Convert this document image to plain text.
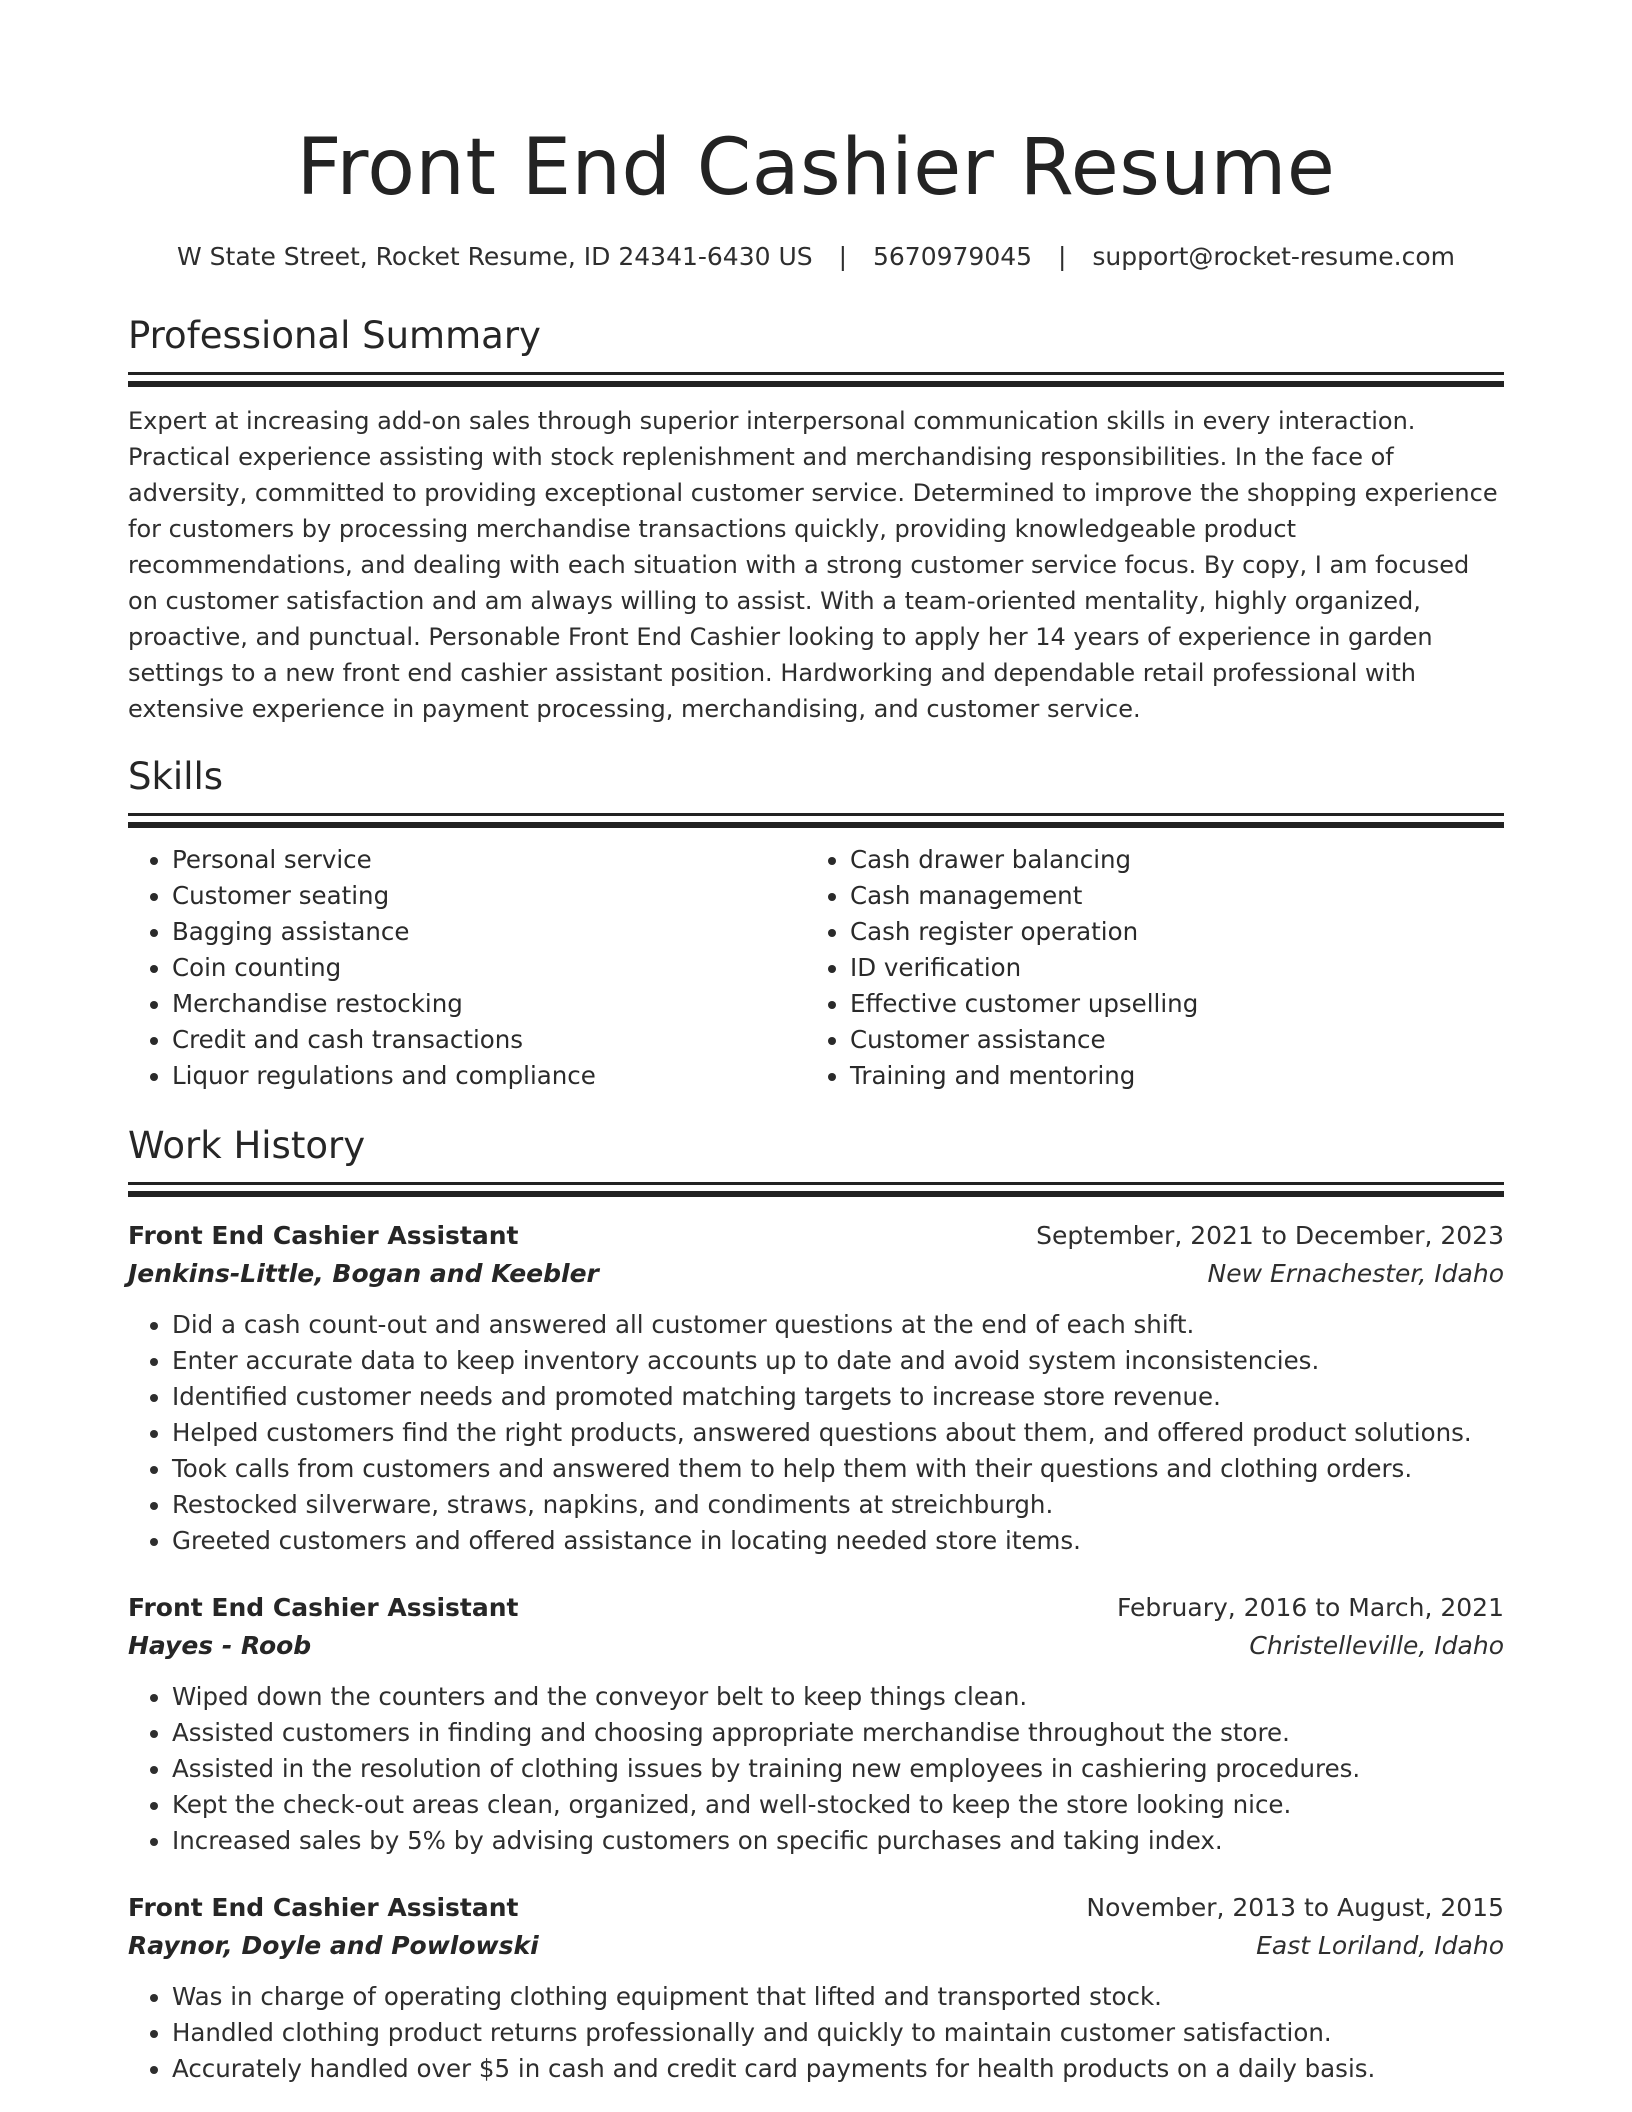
Front End Cashier Resume
W State Street, Rocket Resume, ID 24341-6430 US | 5670979045 | support@rocket-resume.com
Professional Summary
Expert at increasing add-on sales through superior interpersonal communication skills in every interaction. Practical experience assisting with stock replenishment and merchandising responsibilities. In the face of adversity, committed to providing exceptional customer service. Determined to improve the shopping experience for customers by processing merchandise transactions quickly, providing knowledgeable product recommendations, and dealing with each situation with a strong customer service focus. By copy, I am focused on customer satisfaction and am always willing to assist. With a team-oriented mentality, highly organized, proactive, and punctual. Personable Front End Cashier looking to apply her 14 years of experience in garden settings to a new front end cashier assistant position. Hardworking and dependable retail professional with extensive experience in payment processing, merchandising, and customer service.
Skills
• Personal service
• Customer seating
• Bagging assistance
• Coin counting
• Merchandise restocking
• Credit and cash transactions
• Liquor regulations and compliance
• Cash drawer balancing
• Cash management
• Cash register operation
• ID verification
• Effective customer upselling
• Customer assistance
• Training and mentoring
Work History
Front End Cashier Assistant	September, 2021 to December, 2023
Jenkins-Little, Bogan and Keebler	New Ernachester, Idaho
• Did a cash count-out and answered all customer questions at the end of each shift.
• Enter accurate data to keep inventory accounts up to date and avoid system inconsistencies.
• Identified customer needs and promoted matching targets to increase store revenue.
• Helped customers find the right products, answered questions about them, and offered product solutions.
• Took calls from customers and answered them to help them with their questions and clothing orders.
• Restocked silverware, straws, napkins, and condiments at streichburgh.
• Greeted customers and offered assistance in locating needed store items.
Front End Cashier Assistant	February, 2016 to March, 2021
Hayes - Roob	Christelleville, Idaho
• Wiped down the counters and the conveyor belt to keep things clean.
• Assisted customers in finding and choosing appropriate merchandise throughout the store.
• Assisted in the resolution of clothing issues by training new employees in cashiering procedures.
• Kept the check-out areas clean, organized, and well-stocked to keep the store looking nice.
• Increased sales by 5% by advising customers on specific purchases and taking index.
Front End Cashier Assistant	November, 2013 to August, 2015
Raynor, Doyle and Powlowski	East Loriland, Idaho
• Was in charge of operating clothing equipment that lifted and transported stock.
• Handled clothing product returns professionally and quickly to maintain customer satisfaction.
• Accurately handled over $5 in cash and credit card payments for health products on a daily basis.
